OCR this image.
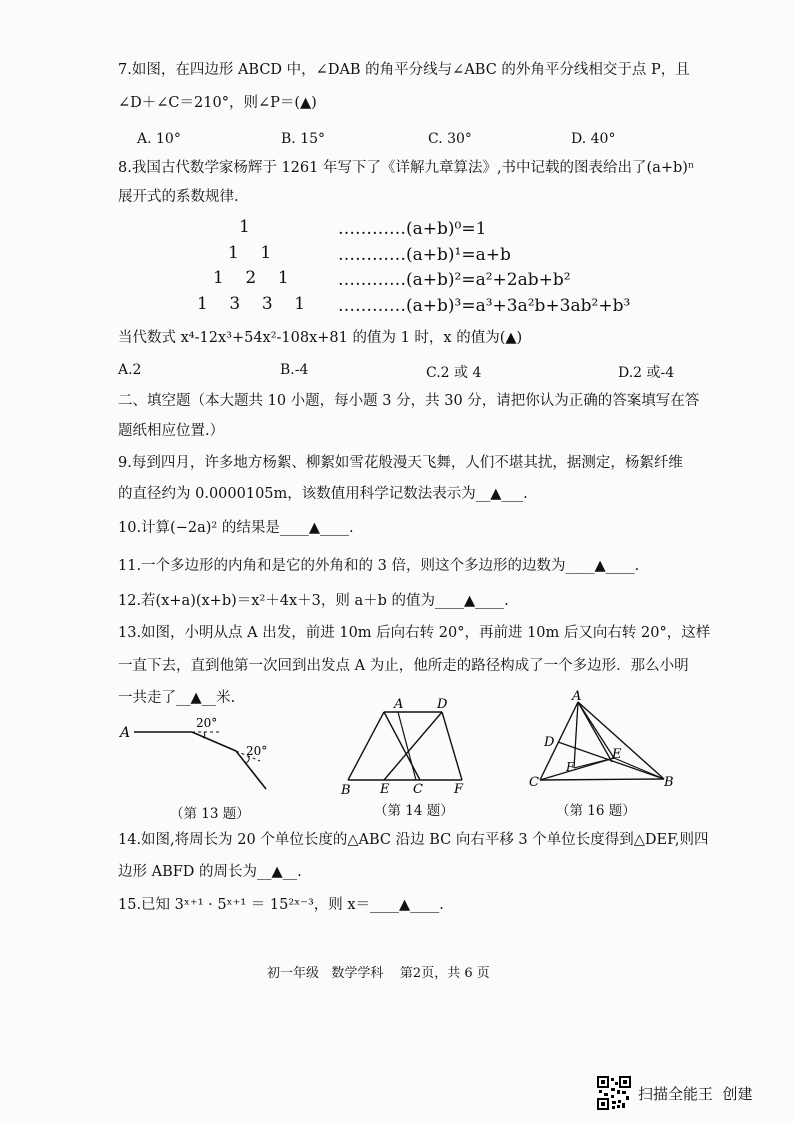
7.如图，在四边形 ABCD 中，∠DAB 的角平分线与∠ABC 的外角平分线相交于点 P，且
∠D＋∠C＝210°，则∠P＝(▲)
A. 10°	B. 15°	C. 30°	D. 40°
8.我国古代数学家杨辉于 1261 年写下了《详解九章算法》,书中记载的图表给出了(a+b)ⁿ
展开式的系数规律.
1	…………(a+b)⁰=1
1    1	…………(a+b)¹=a+b
1    2    1	…………(a+b)²=a²+2ab+b²
1    3    3    1 …………(a+b)³=a³+3a²b+3ab²+b³
当代数式 x⁴-12x³+54x²-108x+81 的值为 1 时，x 的值为(▲)
A.2	B.-4	C.2 或 4	D.2 或-4
二、填空题（本大题共 10 小题，每小题 3 分，共 30 分，请把你认为正确的答案填写在答
题纸相应位置.）
9.每到四月，许多地方杨絮、柳絮如雪花般漫天飞舞，人们不堪其扰，据测定，杨絮纤维
的直径约为 0.0000105m，该数值用科学记数法表示为__▲___.
10.计算(−2a)² 的结果是____▲____.
11.一个多边形的内角和是它的外角和的 3 倍，则这个多边形的边数为____▲____.
12.若(x+a)(x+b)＝x²＋4x＋3，则 a＋b 的值为____▲____.
13.如图，小明从点 A 出发，前进 10m 后向右转 20°，再前进 10m 后又向右转 20°，这样
一直下去，直到他第一次回到出发点 A 为止，他所走的路径构成了一个多边形．那么小明
一共走了__▲__米.
A
20°
20°
（第 13 题）
A	D
B E C F
（第 14 题）
A
D
E
F
C	B
（第 16 题）
14.如图,将周长为 20 个单位长度的△ABC 沿边 BC 向右平移 3 个单位长度得到△DEF,则四
边形 ABFD 的周长为__▲__.
15.已知 3ˣ⁺¹ · 5ˣ⁺¹ ＝ 15²ˣ⁻³，则 x＝____▲____.
初一年级   数学学科    第2页，共 6 页
扫描全能王  创建
